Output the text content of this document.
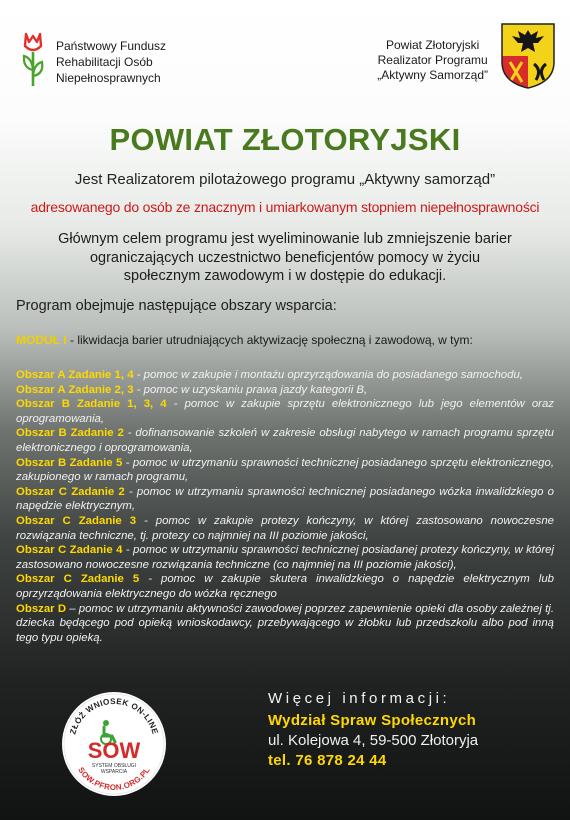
Państwowy Fundusz
Rehabilitacji Osób
Niepełnosprawnych
Powiat Złotoryjski
Realizator Programu
„Aktywny Samorząd”
POWIAT ZŁOTORYJSKI
Jest Realizatorem pilotażowego programu „Aktywny samorząd”
adresowanego do osób ze znacznym i umiarkowanym stopniem niepełnosprawności
Głównym celem programu jest wyeliminowanie lub zmniejszenie barier ograniczających uczestnictwo beneficjentów pomocy w życiu społecznym zawodowym i w dostępie do edukacji.
Program obejmuje następujące obszary wsparcia:
MODUŁ I - likwidacja barier utrudniających aktywizację społeczną i zawodową, w tym:
Obszar A Zadanie 1, 4 - pomoc w zakupie i montażu oprzyrządowania do posiadanego samochodu,
Obszar A Zadanie 2, 3 - pomoc w uzyskaniu prawa jazdy kategorii B,
Obszar B Zadanie 1, 3, 4 - pomoc w zakupie sprzętu elektronicznego lub jego elementów oraz oprogramowania,
Obszar B Zadanie 2 - dofinansowanie szkoleń w zakresie obsługi nabytego w ramach programu sprzętu elektronicznego i oprogramowania,
Obszar B Zadanie 5 - pomoc w utrzymaniu sprawności technicznej posiadanego sprzętu elektronicznego, zakupionego w ramach programu,
Obszar C Zadanie 2 - pomoc w utrzymaniu sprawności technicznej posiadanego wózka inwalidzkiego o napędzie elektrycznym,
Obszar C Zadanie 3 - pomoc w zakupie protezy kończyny, w której zastosowano nowoczesne rozwiązania techniczne, tj. protezy co najmniej na III poziomie jakości,
Obszar C Zadanie 4 - pomoc w utrzymaniu sprawności technicznej posiadanej protezy kończyny, w której zastosowano nowoczesne rozwiązania techniczne (co najmniej na III poziomie jakości),
Obszar C Zadanie 5 - pomoc w zakupie skutera inwalidzkiego o napędzie elektrycznym lub oprzyrządowania elektrycznego do wózka ręcznego
Obszar D – pomoc w utrzymaniu aktywności zawodowej poprzez zapewnienie opieki dla osoby zależnej tj. dziecka będącego pod opieką wnioskodawcy, przebywającego w żłobku lub przedszkolu albo pod inną tego typu opieką.
ZŁÓŻ WNIOSEK ON-LINE
SOW
SYSTEM OBSŁUGI
WSPARCIA
SOW.PFRON.ORG.PL
Więcej informacji:
Wydział Spraw Społecznych
ul. Kolejowa 4, 59-500 Złotoryja
tel. 76 878 24 44
